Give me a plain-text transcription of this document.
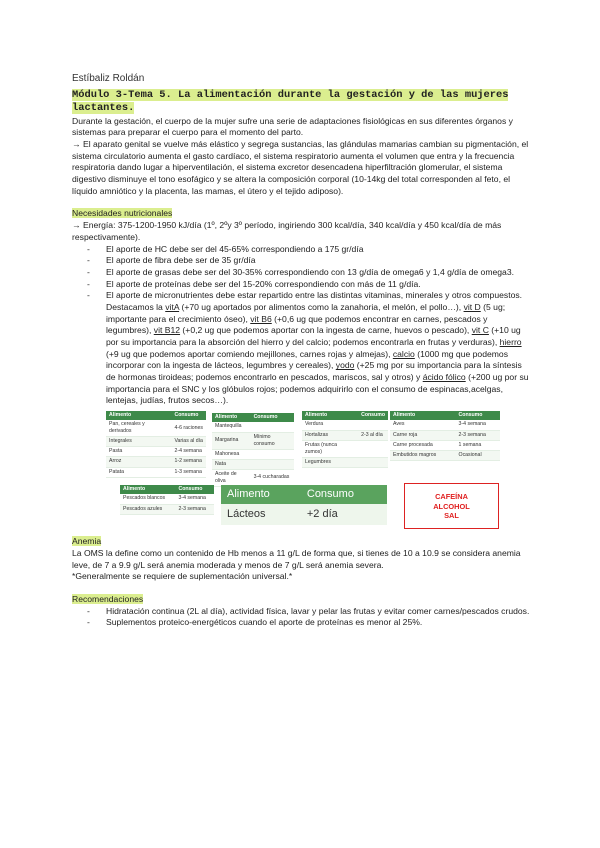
Estíbaliz Roldán
Módulo 3-Tema 5. La alimentación durante la gestación y de las mujeres lactantes.

Durante la gestación, el cuerpo de la mujer sufre una serie de adaptaciones fisiológicas en sus diferentes órganos y sistemas para preparar el cuerpo para el momento del parto.

→ El aparato genital se vuelve más elástico y segrega sustancias, las glándulas mamarias cambian su pigmentación, el sistema circulatorio aumenta el gasto cardíaco, el sistema respiratorio aumenta el volumen que entra y la frecuencia respiratoria dando lugar a hiperventilación, el sistema excretor desencadena hiperfiltración glomerular, el sistema digestivo disminuye el tono esofágico y se altera la composición corporal (10-14kg del total corresponden al feto, el líquido amniótico y la placenta, las mamas, el útero y el tejido adiposo).

Necesidades nutricionales

→ Energía: 375-1200-1950 kJ/día (1º, 2ºy 3º período, ingiriendo 300 kcal/día, 340 kcal/día y 450 kcal/día de más respectivamente).

- El aporte de HC debe ser del 45-65% correspondiendo a 175 gr/día
- El aporte de fibra debe ser de 35 gr/día
- El aporte de grasas debe ser del 30-35% correspondiendo con 13 g/día de omega6 y 1,4 g/día de omega3.
- El aporte de proteínas debe ser del 15-20% correspondiendo con más de 11 g/día.
- El aporte de micronutrientes debe estar repartido entre las distintas vitaminas, minerales y otros compuestos. Destacamos la vitA (+70 ug aportados por alimentos como la zanahoria, el melón, el pollo…), vit D (5 ug; importante para el crecimiento óseo), vit B6 (+0,6 ug que podemos encontrar en carnes, pescados y legumbres), vit B12 (+0,2 ug que podemos aportar con la ingesta de carne, huevos o pescado), vit C (+10 ug por su importancia para la absorción del hierro y del calcio; podemos encontrarla en frutas y verduras), hierro (+9 ug que podemos aportar comiendo mejillones, carnes rojas y almejas), calcio (1000 mg que podemos incorporar con la ingesta de lácteos, legumbres y cereales), yodo (+25 mg por su importancia para la síntesis de hormonas tiroideas; podemos encontrarlo en pescados, mariscos, sal y otros) y ácido fólico (+200 ug por su importancia para el SNC y los glóbulos rojos; podemos adquirirlo con el consumo de espinacas,acelgas, lentejas, judías, frutos secos…).
Alimento	Consumo
Pan, cereales y derivados	4-6 raciones
Integrales	Varias al día
Pasta	2-4 semana
Arroz	1-2 semana
Patata	1-3 semana
Alimento	Consumo
Mantequilla	
Margarina	Mínimo consumo
Mahonesa	
Nata	
Aceite de oliva	3-4 cucharadas
Alimento	Consumo
Verdura	
Hortalizas	2-3 al día
Frutas (nunca zumos)	
Legumbres	
Alimento	Consumo
Aves	3-4 semana
Carne roja	2-3 semana
Carne procesada	1 semana
Embutidos magros	Ocasional
Alimento	Consumo
Pescados blancos	3-4 semana
Pescados azules	2-3 semana
Alimento	Consumo
Lácteos	+2 día
CAFEÍNA
ALCOHOL
SAL
Anemia

La OMS la define como un contenido de Hb menos a 11 g/L de forma que, si tienes de 10 a 10.9 se considera anemia leve, de 7 a 9.9 g/L será anemia moderada y menos de 7 g/L será anemia severa.

*Generalmente se requiere de suplementación universal.*

Recomendaciones
- Hidratación continua (2L al día), actividad física, lavar y pelar las frutas y evitar comer carnes/pescados crudos.
- Suplementos proteico-energéticos cuando el aporte de proteínas es menor al 25%.
